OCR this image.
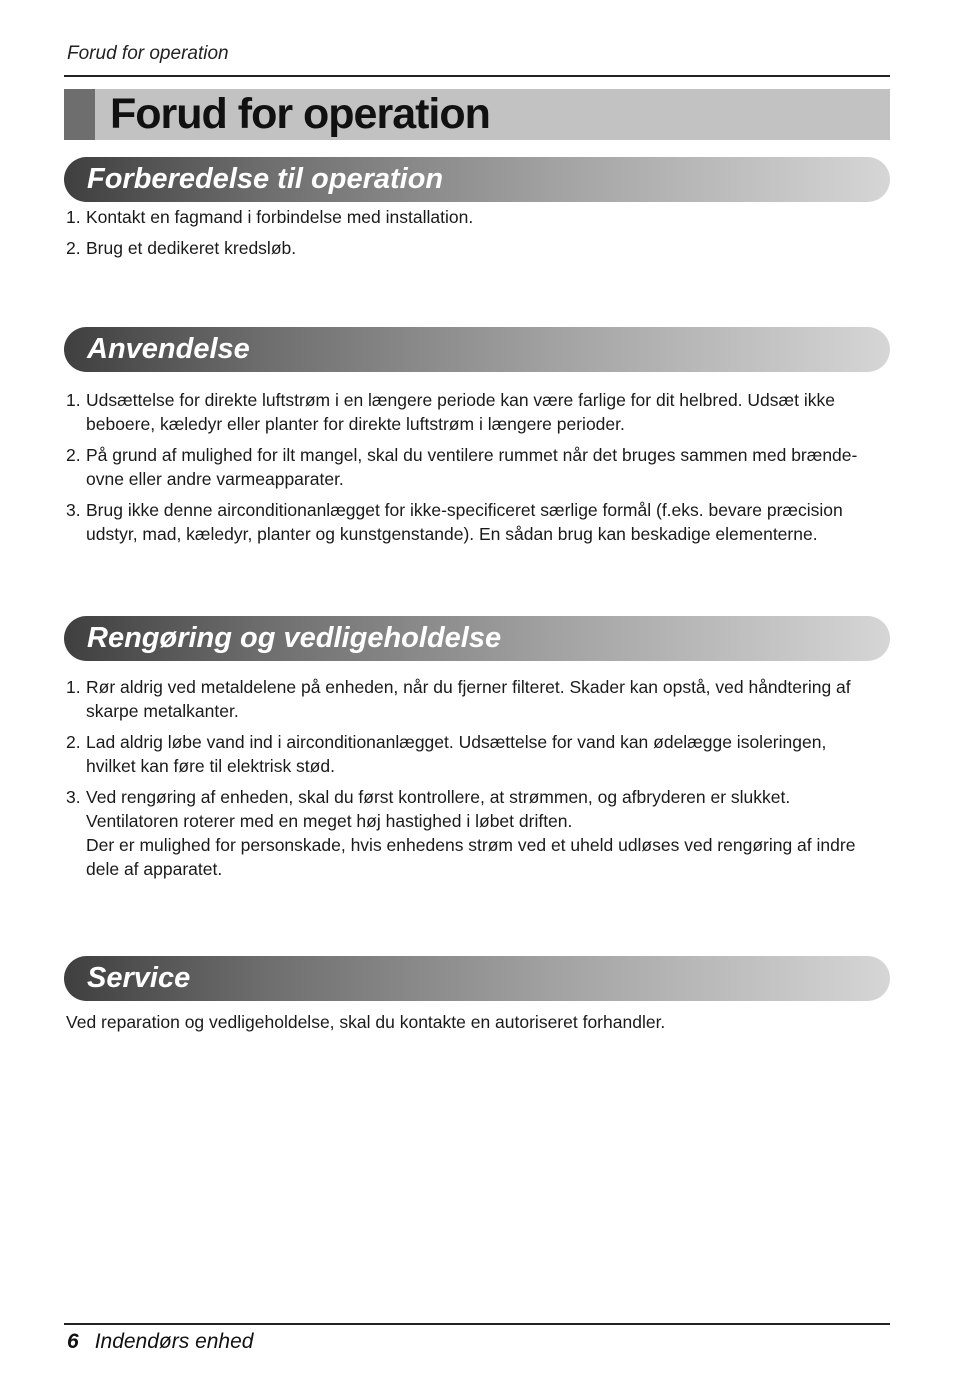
Forud for operation
Forud for operation
Forberedelse til operation
1. Kontakt en fagmand i forbindelse med installation.
2. Brug et dedikeret kredsløb.
Anvendelse
1. Udsættelse for direkte luftstrøm i en længere periode kan være farlige for dit helbred. Udsæt ikke
beboere, kæledyr eller planter for direkte luftstrøm i længere perioder.
2. På grund af mulighed for ilt mangel, skal du ventilere rummet når det bruges sammen med brænde-
ovne eller andre varmeapparater.
3. Brug ikke denne airconditionanlægget for ikke-specificeret særlige formål (f.eks. bevare præcision
udstyr, mad, kæledyr, planter og kunstgenstande). En sådan brug kan beskadige elementerne.
Rengøring og vedligeholdelse
1. Rør aldrig ved metaldelene på enheden, når du fjerner filteret. Skader kan opstå, ved håndtering af
skarpe metalkanter.
2. Lad aldrig løbe vand ind i airconditionanlægget. Udsættelse for vand kan ødelægge isoleringen,
hvilket kan føre til elektrisk stød.
3. Ved rengøring af enheden, skal du først kontrollere, at strømmen, og afbryderen er slukket.
Ventilatoren roterer med en meget høj hastighed i løbet driften.
Der er mulighed for personskade, hvis enhedens strøm ved et uheld udløses ved rengøring af indre
dele af apparatet.
Service
Ved reparation og vedligeholdelse, skal du kontakte en autoriseret forhandler.
6 Indendørs enhed
